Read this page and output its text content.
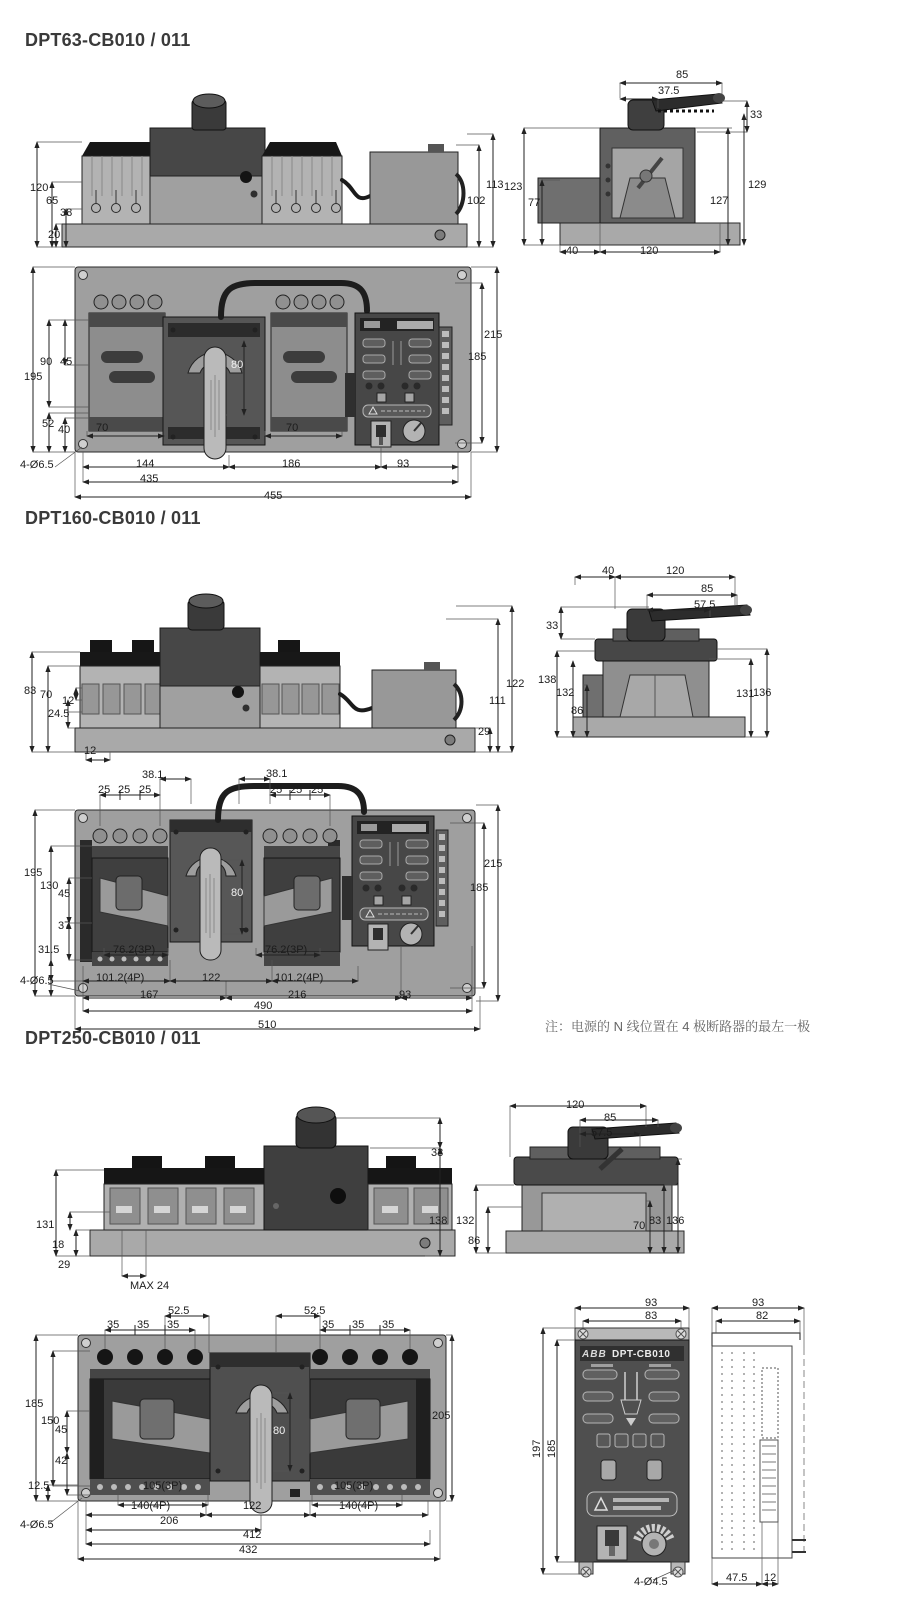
DPT63-CB010 / 011
DPT160-CB010 / 011
DPT250-CB010 / 011
注：电源的 N 线位置在 4 极断路器的最左一极
120
65
38
20
113
102
85
37.5
33
123
77
129
127
40	120
195
90 45
52 40 70	70
80
215
185
4-Ø6.5	144	186	93
435
455
40	120
85
57.5
33
138
132
86
131
136
83 70 12
24.5
122
111
29
12
38.1	38.1
25 25 25	25 25 25
195
130
45
37
31.5
80
215
185
76.2(3P)	76.2(3P)
4-Ø6.5	101.2(4P)	122	101.2(4P)
167	216	93
490
510
33
138
131
18
29
MAX 24
120
85
57.5
132
86
70 83 136
52.5	52.5
35 35 35	35 35 35
185
150
45
42
12.5
205
80
105(3P)	105(3P)
140(4P)	122	140(4P)
206
412
432
4-Ø6.5
ABB DPT-CB010
93
83
197 185
4-Ø4.5
93
82
47.5 12
